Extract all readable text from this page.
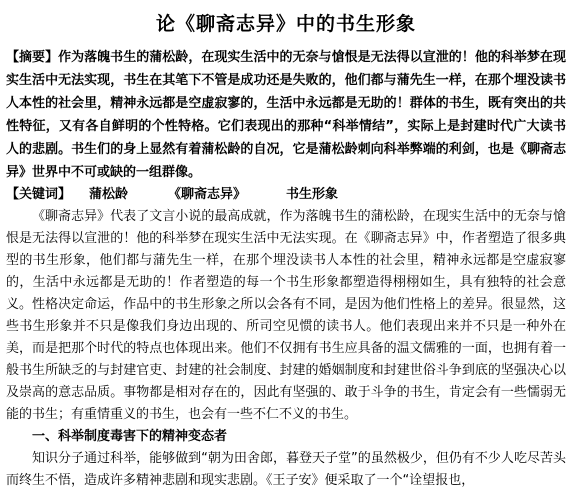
论《聊斋志异》中的书生形象

【摘要】作为落魄书生的蒲松龄，在现实生活中的无奈与愴恨是无法得以宣泄的！他的科举梦在现实生活中无法实现，书生在其笔下不管是成功还是失败的，他们都与蒲先生一样，在那个埋没读书人本性的社会里，精神永远都是空虚寂寥的，生活中永远都是无助的！群体的书生，既有突出的共性特征，又有各自鲜明的个性特格。它们表现出的那种“科举情结”，实际上是封建时代广大读书人的悲剧。书生们的身上显然有着蒲松龄的自况，它是蒲松龄刺向科举弊端的利剑，也是《聊斋志异》世界中不可或缺的一组群像。

【关键词】 蒲松龄	《聊斋志异》	书生形象

《聊斋志异》代表了文言小说的最高成就，作为落魄书生的蒲松龄，在现实生活中的无奈与愴恨是无法得以宣泄的！他的科举梦在现实生活中无法实现。在《聊斋志异》中，作者塑造了很多典型的书生形象，他们都与蒲先生一样，在那个埋没读书人本性的社会里，精神永远都是空虚寂寥的，生活中永远都是无助的！作者塑造的每一个书生形象都塑造得栩栩如生，具有独特的社会意义。性格决定命运，作品中的书生形象之所以会各有不同，是因为他们性格上的差异。很显然，这些书生形象并不只是像我们身边出现的、所司空见惯的读书人。他们表现出来并不只是一种外在美，而是把那个时代的特点也体现出来。他们不仅拥有书生应具备的温文儒雅的一面，也拥有着一般书生所缺乏的与封建官吏、封建的社会制度、封建的婚姻制度和封建世俗斗争到底的坚强决心以及崇高的意志品质。事物都是相对存在的，因此有坚强的、敢于斗争的书生，肯定会有一些懦弱无能的书生；有重情重义的书生，也会有一些不仁不义的书生。

一、科举制度毒害下的精神变态者

知识分子通过科举，能够做到“朝为田舍郎，暮登天子堂”的虽然极少，但仍有不少人吃尽苦头而终生不悟，造成许多精神悲剧和现实悲剧。《王子安》便采取了一个“诠望报也，
